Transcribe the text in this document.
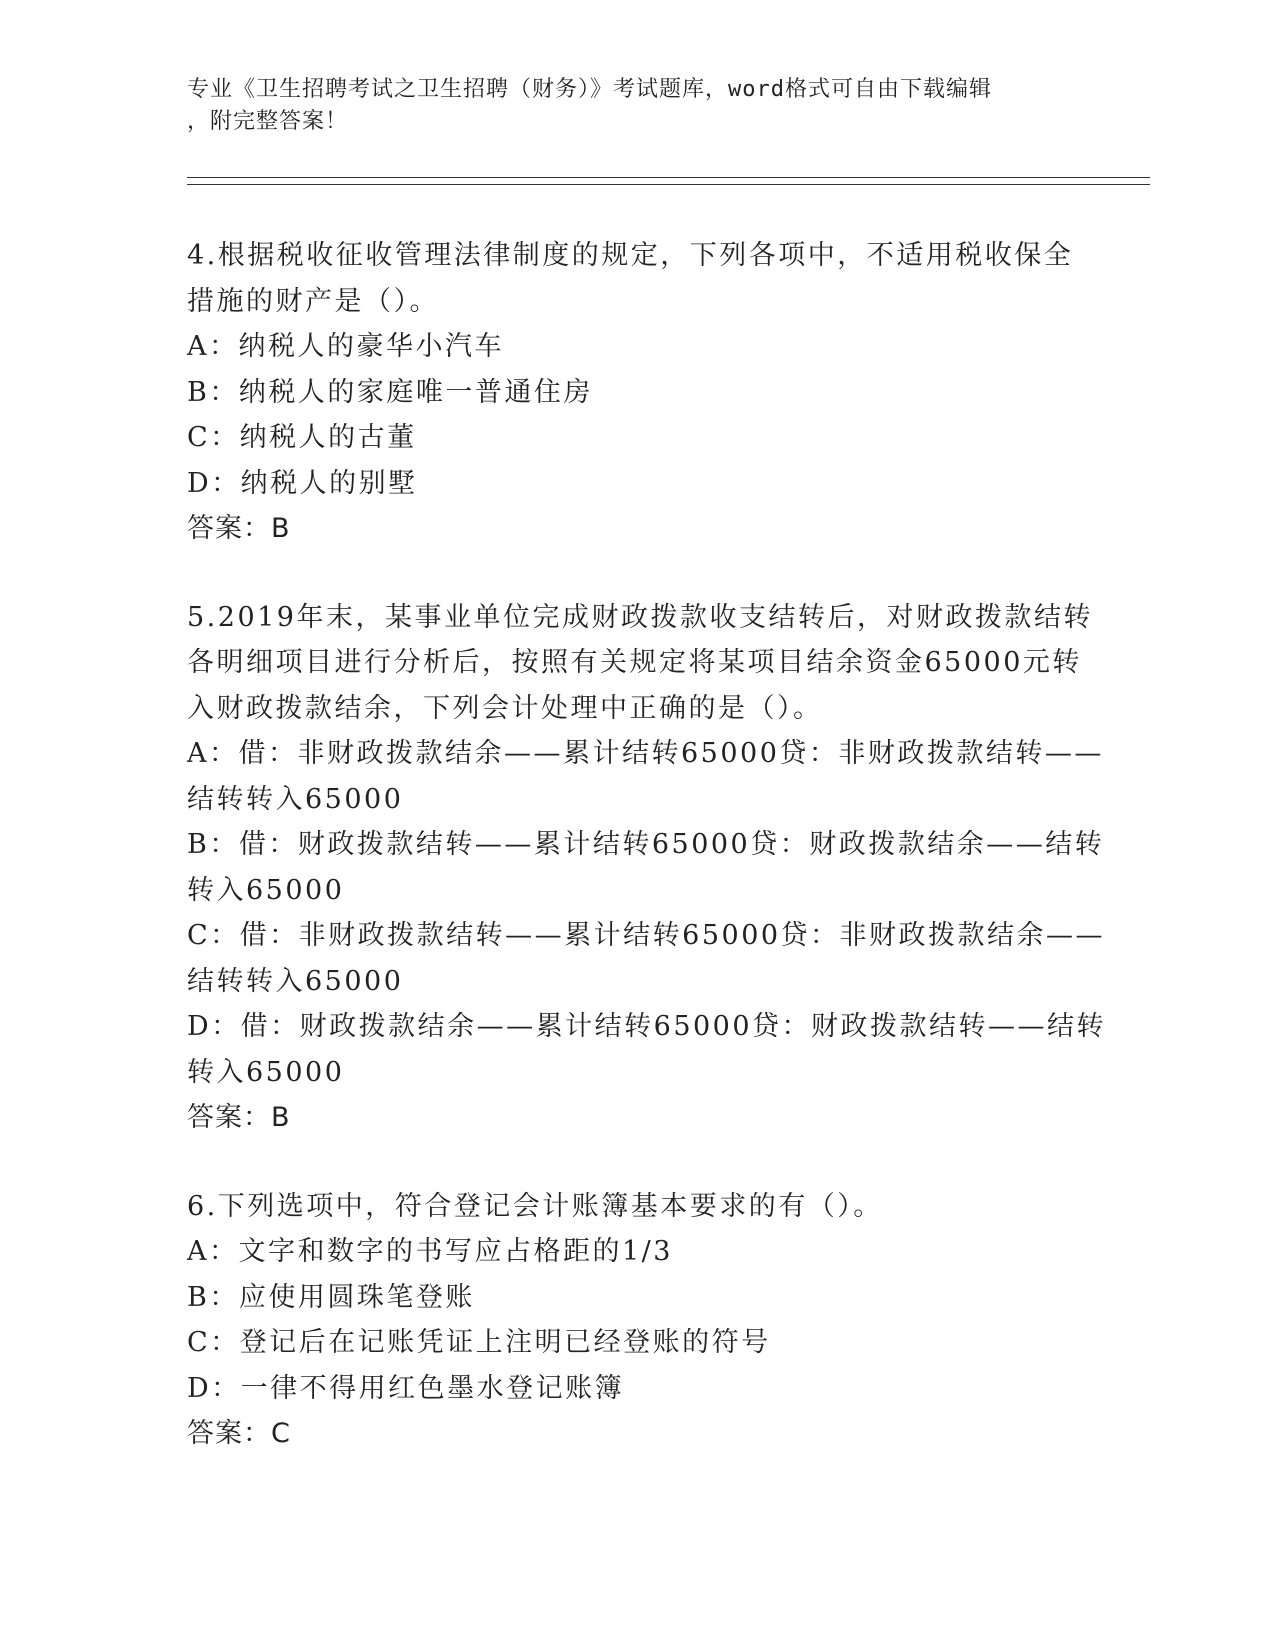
专业《卫生招聘考试之卫生招聘（财务）》考试题库，word格式可自由下载编辑
，附完整答案！
4.根据税收征收管理法律制度的规定，下列各项中，不适用税收保全
措施的财产是（）。
A：纳税人的豪华小汽车
B：纳税人的家庭唯一普通住房
C：纳税人的古董
D：纳税人的别墅
答案：B
5.2019年末，某事业单位完成财政拨款收支结转后，对财政拨款结转
各明细项目进行分析后，按照有关规定将某项目结余资金65000元转
入财政拨款结余，下列会计处理中正确的是（）。
A：借：非财政拨款结余——累计结转65000贷：非财政拨款结转——
结转转入65000
B：借：财政拨款结转——累计结转65000贷：财政拨款结余——结转
转入65000
C：借：非财政拨款结转——累计结转65000贷：非财政拨款结余——
结转转入65000
D：借：财政拨款结余——累计结转65000贷：财政拨款结转——结转
转入65000
答案：B
6.下列选项中，符合登记会计账簿基本要求的有（）。
A：文字和数字的书写应占格距的1/3
B：应使用圆珠笔登账
C：登记后在记账凭证上注明已经登账的符号
D：一律不得用红色墨水登记账簿
答案：C
